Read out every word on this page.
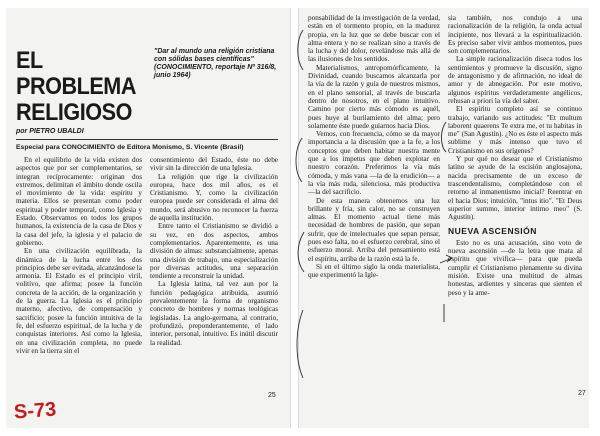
EL PROBLEMA RELIGIOSO
"Dar al mundo una religión cristiana con sólidas bases científicas" (CONOCIMIENTO, reportaje Nº 316/8, junio 1964)
por PIETRO UBALDI
Especial para CONOCIMIENTO de Editora Monismo, S. Vicente (Brasil)

En el equilibrio de la vida existen dos aspectos que por ser complementarios, se integran recíprocamente: originan dos extremos, delimitan el ámbito donde oscila el movimiento de la vida: espíritu y materia. Ellos se presentan como poder espiritual y poder temporal, como Iglesia y Estado. Observamos en todos los grupos humanos, la existencia de la casa de Dios y la casa del jefe, la iglesia y el palacio de gobierno.

En una civilización equilibrada, la dinámica de la lucha entre los dos principios debe ser evitada, alcanzándose la armonía. El Estado es el principio viril, volitivo, que afirma; posee la función concreta de la acción, de la organización y de la guerra. La Iglesia es el principio materno, afectivo, de compensación y sacrificio; posee la función intuitiva de la fe, del esfuerzo espiritual, de la lucha y de conquistas interiores. Así como la Iglesia, en una civilización completa, no puede vivir en la tierra sin el

consentimiento del Estado, éste no debe vivir sin la dirección de una Iglesia.

La religión que rige la civilización europea, hace dos mil años, es el Cristianismo. Y, como la civilización europea puede ser considerada el alma del mundo, será abusivo no reconocer la fuerza de aquella institución.

Entre tanto el Cristianismo se dividió a su vez, en dos aspectos, ambos complementarios. Aparentemente, es una división de almas: substancialmente, apenas una división de trabajo, una especialización por diversas actitudes, una separación tendiente a reconstruir la unidad.

La Iglesia latina, tal vez aun por la función pedagógica atribuida, asumió prevalentemente la forma de organismo concreto de hombres y normas teológicas legisladas. La anglo-germana, al contrario, profundizó, preponderantemente, el lado interior, personal, intuitivo. Es inútil discutir la realidad.

ponsabilidad de la investigación de la verdad, están en el tormento propio, en la madurez propia, en la luz que se debe buscar con el alma entera y no se realizan sino a través de la lucha y del dolor, revelándose más allá de las ilusiones de los sentidos.

Materialismos, antropomórficamente, la Divinidad, cuando buscamos alcanzarla por la vía de la razón y guía de nuestros mismos, en el plano sensorial, al través de buscarla dentro de nosotros, en el plano intuitivo. Camino por cierto más cómodo es aquél, pues huye al burilamiento del alma; pero solamente éste puede guiarnos hacia Dios.

Vemos, con frecuencia, cómo se da mayor importancia a la discusión que a la fe, a los conceptos que deben habitar nuestra mente que a los ímpetus que deben explotar en nuestro corazón. Preferimos la vía más cómoda, y más vana —la de la erudición— a la vía más ruda, silenciosa, más productiva —la del sacrificio.

De esta manera obtenemos una luz brillante y fría, sin calor, no se construyen almas. El momento actual tiene más necesidad de hombres de pasión, que sepan sufrir, que de intelectuales que sepan pensar, pues eso falta, no el esfuerzo cerebral, sino el esfuerzo moral. Arriba del pensamiento está el espíritu, arriba de la razón está la fe.

Si en el último siglo la onda materialista, que experimentó la Igle-

sia también, nos condujo a una racionalización de la religión, la onda actual incipiente, nos llevará a la espiritualización. Es preciso saber vivir ambos momentos, pues son complementarios.

La simple racionalización diseca todos los sentimientos y promueve la discusión, signo de antagonismo y de afirmación, no ideal de amor y de abnegación. Por este motivo, algunos espíritus verdaderamente angélicos, rehusan a priori la vía del saber.

El espíritu completo así se continuo trabajo, variando sus actitudes: "Et multum laborent quaerens Te extra me, et tu habitas in me" (San Agustín). ¿No es éste el aspecto más sublime y más intenso que tuvo el Cristianismo en sus orígenes?

Y por qué no desear que el Cristianismo latino se ayude de la escisión anglosajona, nacida precisamente de un exceso de trascendentalismo, completándose con el retorno al inmanentismo inicial? Reentrar en el hacia Dios; intuición, "intus itio". "Et Deus superior summo, interior intimo meo" (S. Agustín).

NUEVA ASCENSIÓN

Esto no es una acusación, sino voto de nueva ascensión —de la letra que mata al espíritu que vivifica— para que pueda cumplir el Cristianismo plenamente su divina misión. Existe una multitud de almas honestas, ardientes y sinceras que sienten el peso y la ame-

25	27
S-73
